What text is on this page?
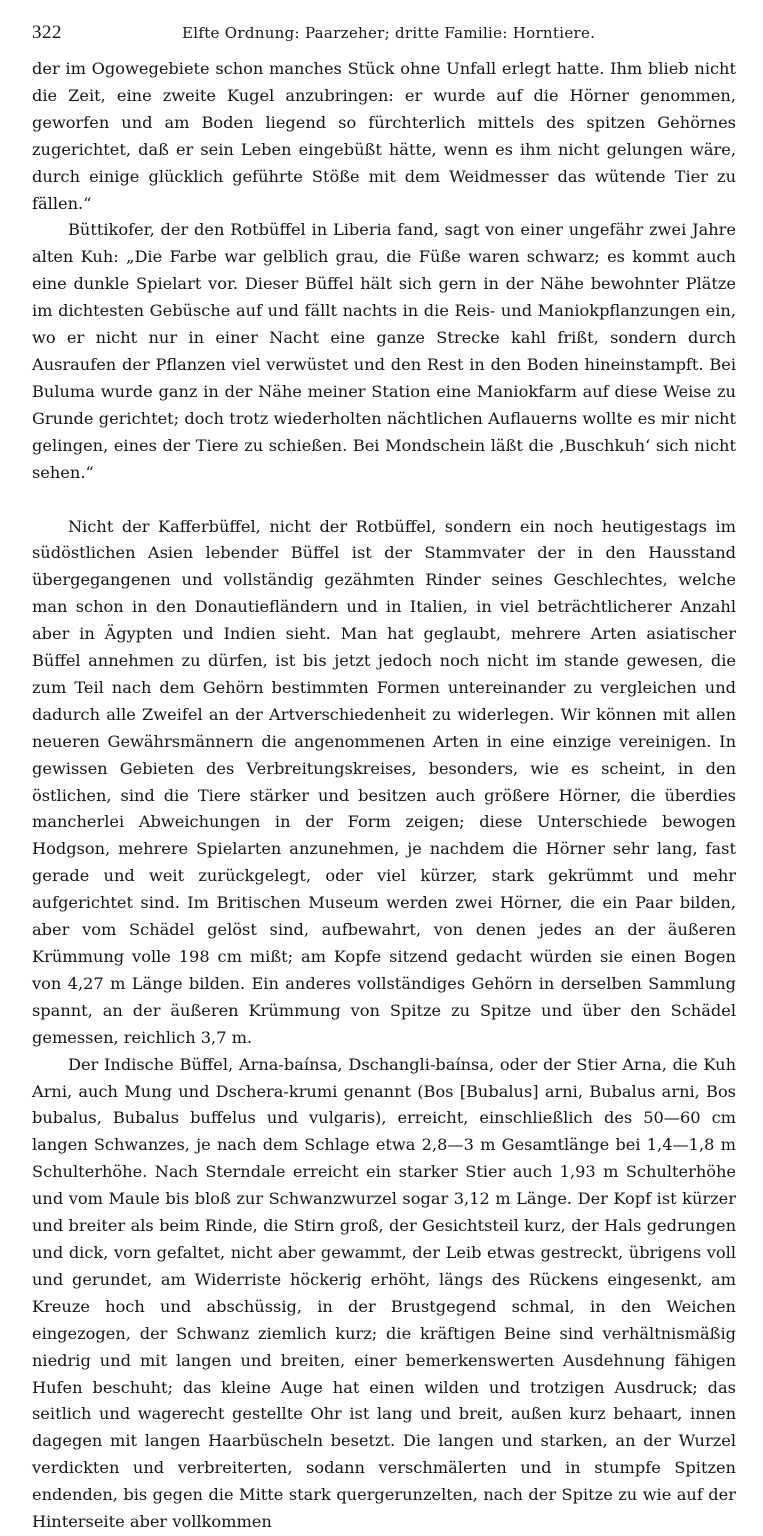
322	Elfte Ordnung: Paarzeher; dritte Familie: Horntiere.

der im Ogowegebiete schon manches Stück ohne Unfall erlegt hatte. Ihm blieb nicht die Zeit, eine zweite Kugel anzubringen: er wurde auf die Hörner genommen, geworfen und am Boden liegend so fürchterlich mittels des spitzen Gehörnes zugerichtet, daß er sein Leben eingebüßt hätte, wenn es ihm nicht gelungen wäre, durch einige glücklich geführte Stöße mit dem Weidmesser das wütende Tier zu fällen.“

Büttikofer, der den Rotbüffel in Liberia fand, sagt von einer ungefähr zwei Jahre alten Kuh: „Die Farbe war gelblich grau, die Füße waren schwarz; es kommt auch eine dunkle Spielart vor. Dieser Büffel hält sich gern in der Nähe bewohnter Plätze im dichtesten Gebüsche auf und fällt nachts in die Reis- und Maniokpflanzungen ein, wo er nicht nur in einer Nacht eine ganze Strecke kahl frißt, sondern durch Ausraufen der Pflanzen viel verwüstet und den Rest in den Boden hineinstampft. Bei Buluma wurde ganz in der Nähe meiner Station eine Maniokfarm auf diese Weise zu Grunde gerichtet; doch trotz wiederholten nächtlichen Auflauerns wollte es mir nicht gelingen, eines der Tiere zu schießen. Bei Mondschein läßt die ‚Buschkuh‘ sich nicht sehen.“

Nicht der Kafferbüffel, nicht der Rotbüffel, sondern ein noch heutigestags im südöstlichen Asien lebender Büffel ist der Stammvater der in den Hausstand übergegangenen und vollständig gezähmten Rinder seines Geschlechtes, welche man schon in den Donautiefländern und in Italien, in viel beträchtlicherer Anzahl aber in Ägypten und Indien sieht. Man hat geglaubt, mehrere Arten asiatischer Büffel annehmen zu dürfen, ist bis jetzt jedoch noch nicht im stande gewesen, die zum Teil nach dem Gehörn bestimmten Formen untereinander zu vergleichen und dadurch alle Zweifel an der Artverschiedenheit zu widerlegen. Wir können mit allen neueren Gewährsmännern die angenommenen Arten in eine einzige vereinigen. In gewissen Gebieten des Verbreitungskreises, besonders, wie es scheint, in den östlichen, sind die Tiere stärker und besitzen auch größere Hörner, die überdies mancherlei Abweichungen in der Form zeigen; diese Unterschiede bewogen Hodgson, mehrere Spielarten anzunehmen, je nachdem die Hörner sehr lang, fast gerade und weit zurückgelegt, oder viel kürzer, stark gekrümmt und mehr aufgerichtet sind. Im Britischen Museum werden zwei Hörner, die ein Paar bilden, aber vom Schädel gelöst sind, aufbewahrt, von denen jedes an der äußeren Krümmung volle 198 cm mißt; am Kopfe sitzend gedacht würden sie einen Bogen von 4,27 m Länge bilden. Ein anderes vollständiges Gehörn in derselben Sammlung spannt, an der äußeren Krümmung von Spitze zu Spitze und über den Schädel gemessen, reichlich 3,7 m.

Der Indische Büffel, Arna-baínsa, Dschangli-baínsa, oder der Stier Arna, die Kuh Arni, auch Mung und Dschera-krumi genannt (Bos [Bubalus] arni, Bubalus arni, Bos bubalus, Bubalus buffelus und vulgaris), erreicht, einschließlich des 50—60 cm langen Schwanzes, je nach dem Schlage etwa 2,8—3 m Gesamtlänge bei 1,4—1,8 m Schulterhöhe. Nach Sterndale erreicht ein starker Stier auch 1,93 m Schulterhöhe und vom Maule bis bloß zur Schwanzwurzel sogar 3,12 m Länge. Der Kopf ist kürzer und breiter als beim Rinde, die Stirn groß, der Gesichtsteil kurz, der Hals gedrungen und dick, vorn gefaltet, nicht aber gewammt, der Leib etwas gestreckt, übrigens voll und gerundet, am Widerriste höckerig erhöht, längs des Rückens eingesenkt, am Kreuze hoch und abschüssig, in der Brustgegend schmal, in den Weichen eingezogen, der Schwanz ziemlich kurz; die kräftigen Beine sind verhältnismäßig niedrig und mit langen und breiten, einer bemerkenswerten Ausdehnung fähigen Hufen beschuht; das kleine Auge hat einen wilden und trotzigen Ausdruck; das seitlich und wagerecht gestellte Ohr ist lang und breit, außen kurz behaart, innen dagegen mit langen Haarbüscheln besetzt. Die langen und starken, an der Wurzel verdickten und verbreiterten, sodann verschmälerten und in stumpfe Spitzen endenden, bis gegen die Mitte stark quergerunzelten, nach der Spitze zu wie auf der Hinterseite aber vollkommen
